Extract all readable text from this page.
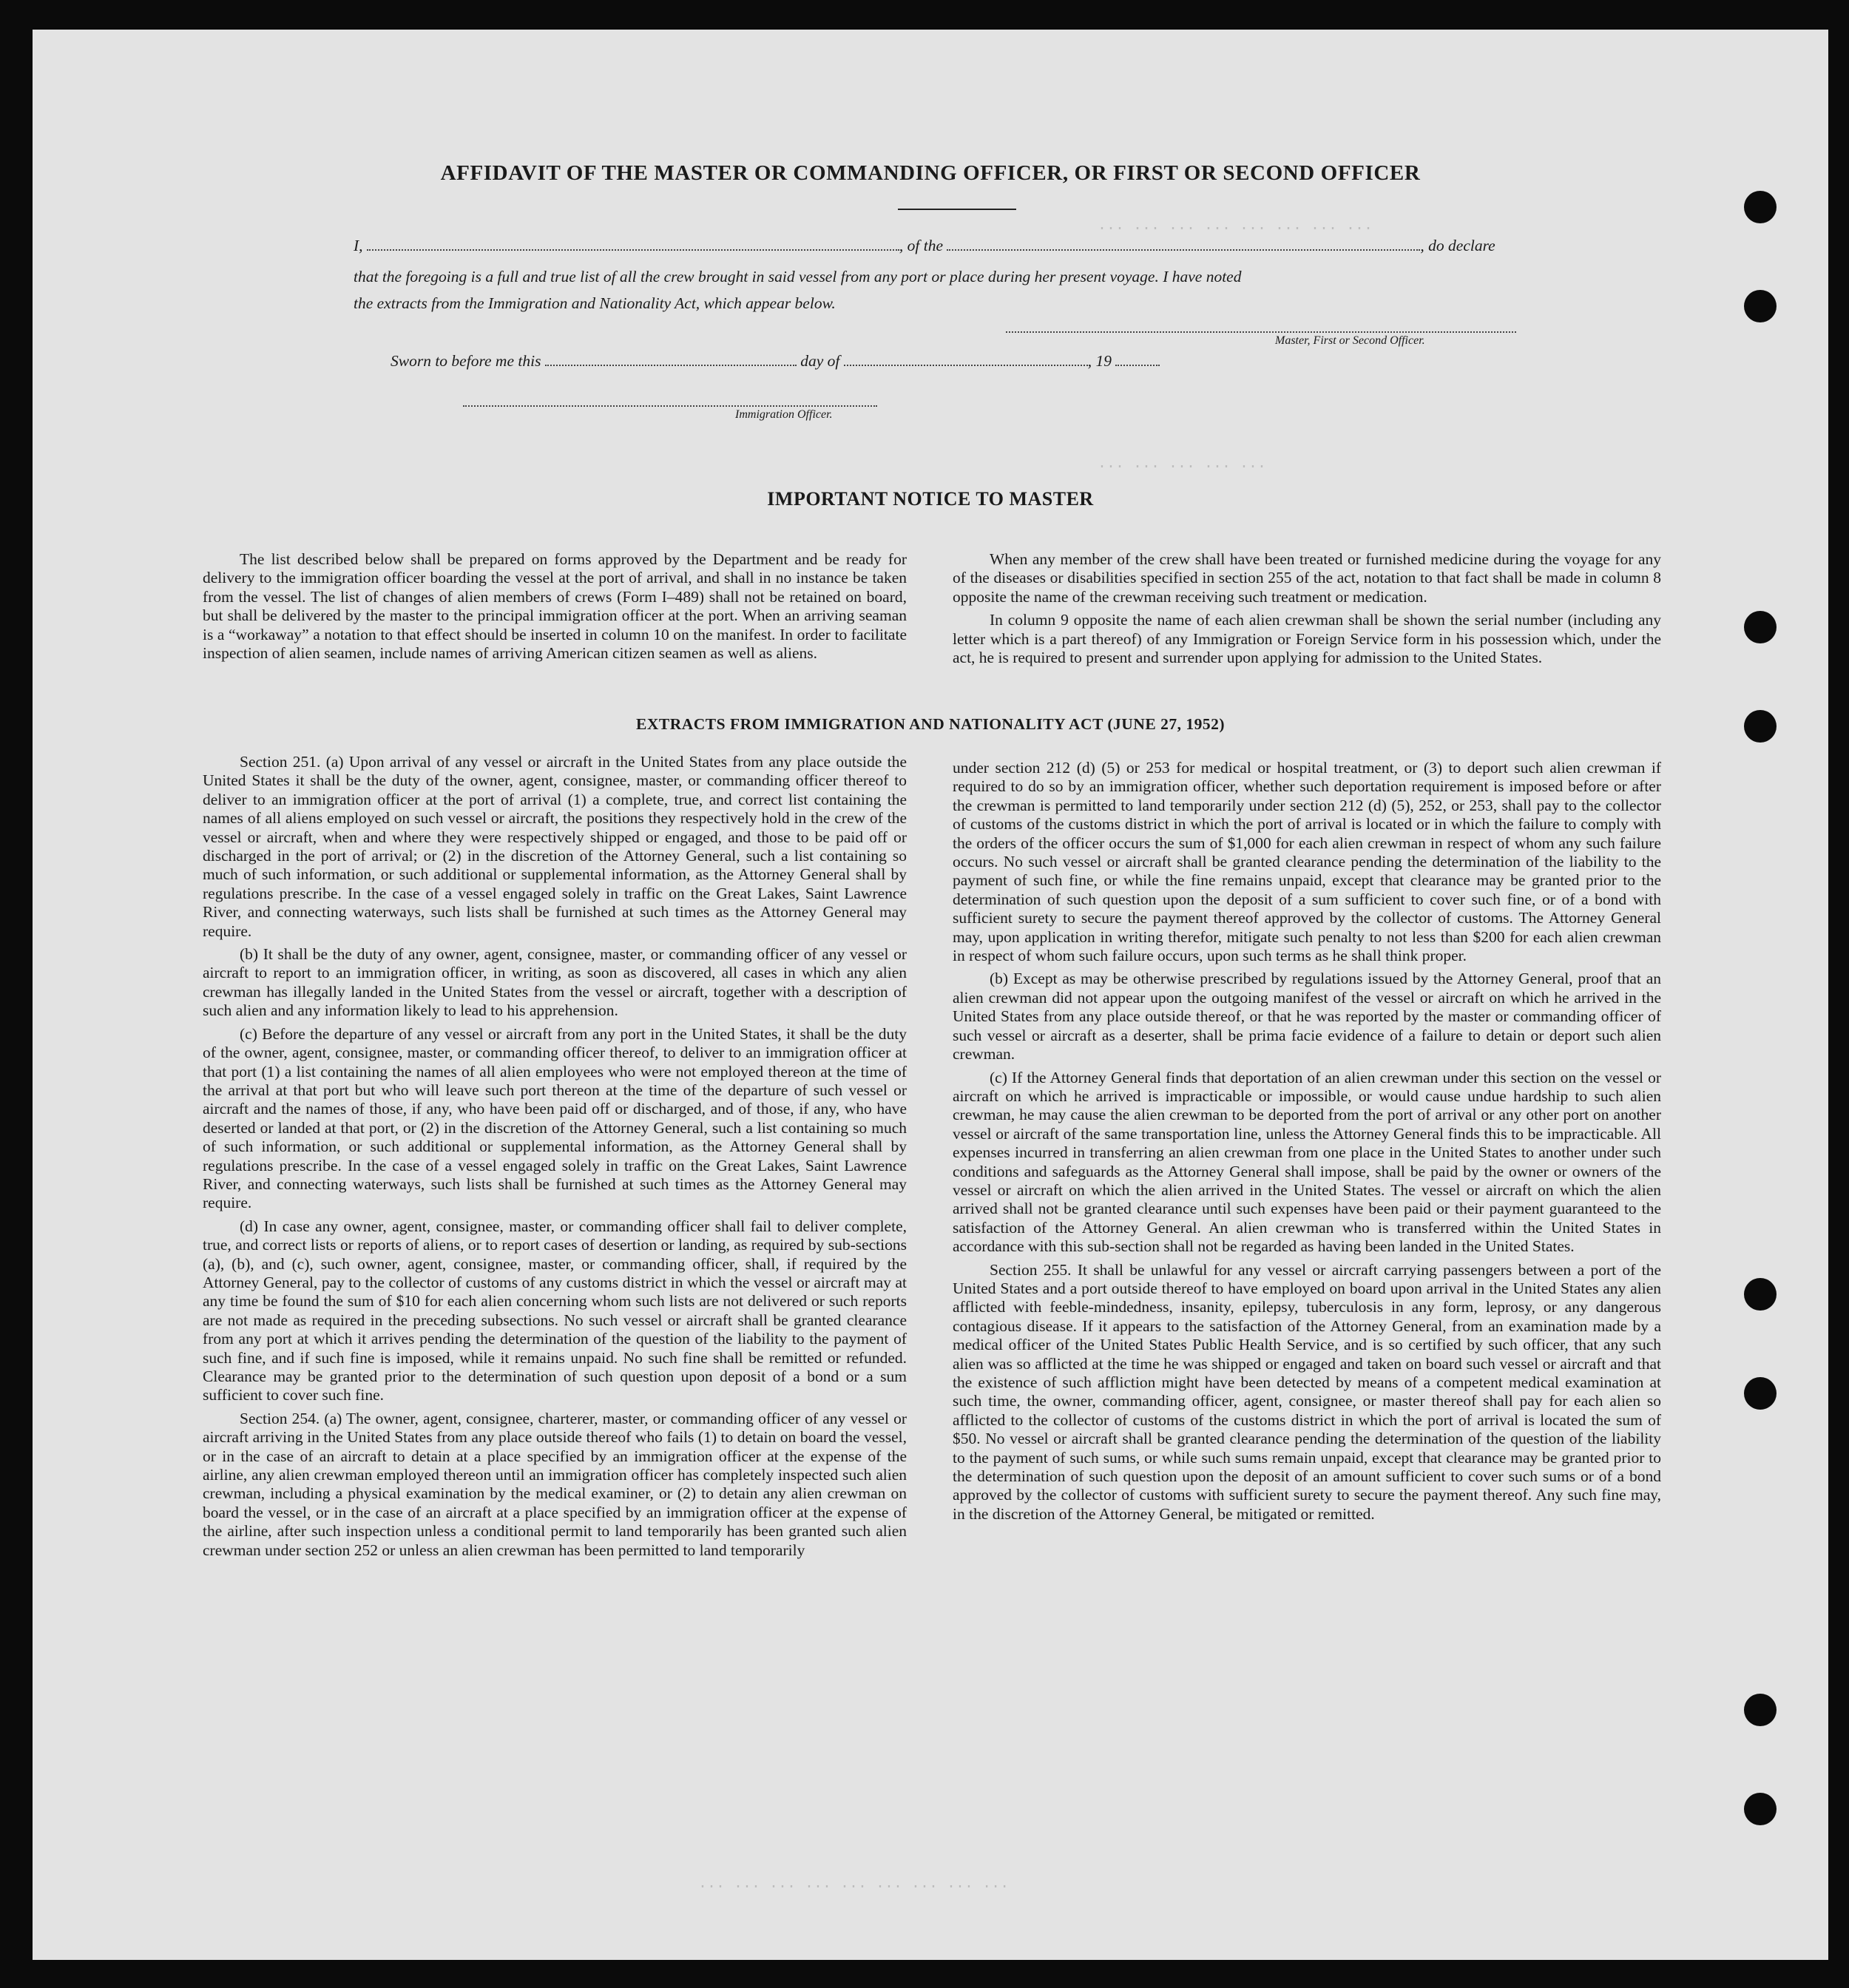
··· ··· ··· ··· ··· ··· ··· ···
··· ··· ··· ··· ···
··· ··· ··· ··· ··· ··· ··· ··· ···
AFFIDAVIT OF THE MASTER OR COMMANDING OFFICER, OR FIRST OR SECOND OFFICER
I,	, of the	, do declare
that the foregoing is a full and true list of all the crew brought in said vessel from any port or place during her present voyage. I have noted
the extracts from the Immigration and Nationality Act, which appear below.
Master, First or Second Officer.
Sworn to before me this	day of	, 19
Immigration Officer.
IMPORTANT NOTICE TO MASTER

The list described below shall be prepared on forms approved by the Department and be ready for delivery to the immigration officer boarding the vessel at the port of arrival, and shall in no instance be taken from the vessel. The list of changes of alien members of crews (Form I–489) shall not be retained on board, but shall be delivered by the master to the principal immigration officer at the port. When an arriving seaman is a “workaway” a notation to that effect should be inserted in column 10 on the manifest. In order to facilitate inspection of alien seamen, include names of arriving American citizen seamen as well as aliens.

When any member of the crew shall have been treated or furnished medicine during the voyage for any of the diseases or disabilities specified in section 255 of the act, notation to that fact shall be made in column 8 opposite the name of the crewman receiving such treatment or medication.

In column 9 opposite the name of each alien crewman shall be shown the serial number (including any letter which is a part thereof) of any Immigration or Foreign Service form in his possession which, under the act, he is required to present and surrender upon applying for admission to the United States.

EXTRACTS FROM IMMIGRATION AND NATIONALITY ACT (JUNE 27, 1952)

Section 251. (a) Upon arrival of any vessel or aircraft in the United States from any place outside the United States it shall be the duty of the owner, agent, consignee, master, or commanding officer thereof to deliver to an immigration officer at the port of arrival (1) a complete, true, and correct list containing the names of all aliens employed on such vessel or aircraft, the positions they respectively hold in the crew of the vessel or aircraft, when and where they were respectively shipped or engaged, and those to be paid off or discharged in the port of arrival; or (2) in the discretion of the Attorney General, such a list containing so much of such information, or such additional or supplemental information, as the Attorney General shall by regulations prescribe. In the case of a vessel engaged solely in traffic on the Great Lakes, Saint Lawrence River, and connecting waterways, such lists shall be furnished at such times as the Attorney General may require.

(b) It shall be the duty of any owner, agent, consignee, master, or commanding officer of any vessel or aircraft to report to an immigration officer, in writing, as soon as discovered, all cases in which any alien crewman has illegally landed in the United States from the vessel or aircraft, together with a description of such alien and any information likely to lead to his apprehension.

(c) Before the departure of any vessel or aircraft from any port in the United States, it shall be the duty of the owner, agent, consignee, master, or commanding officer thereof, to deliver to an immigration officer at that port (1) a list containing the names of all alien employees who were not employed thereon at the time of the arrival at that port but who will leave such port thereon at the time of the departure of such vessel or aircraft and the names of those, if any, who have been paid off or discharged, and of those, if any, who have deserted or landed at that port, or (2) in the discretion of the Attorney General, such a list containing so much of such information, or such additional or supplemental information, as the Attorney General shall by regulations prescribe. In the case of a vessel engaged solely in traffic on the Great Lakes, Saint Lawrence River, and connecting waterways, such lists shall be furnished at such times as the Attorney General may require.

(d) In case any owner, agent, consignee, master, or commanding officer shall fail to deliver complete, true, and correct lists or reports of aliens, or to report cases of desertion or landing, as required by sub-sections (a), (b), and (c), such owner, agent, consignee, master, or commanding officer, shall, if required by the Attorney General, pay to the collector of customs of any customs district in which the vessel or aircraft may at any time be found the sum of $10 for each alien concerning whom such lists are not delivered or such reports are not made as required in the preceding subsections. No such vessel or aircraft shall be granted clearance from any port at which it arrives pending the determination of the question of the liability to the payment of such fine, and if such fine is imposed, while it remains unpaid. No such fine shall be remitted or refunded. Clearance may be granted prior to the determination of such question upon deposit of a bond or a sum sufficient to cover such fine.

Section 254. (a) The owner, agent, consignee, charterer, master, or commanding officer of any vessel or aircraft arriving in the United States from any place outside thereof who fails (1) to detain on board the vessel, or in the case of an aircraft to detain at a place specified by an immigration officer at the expense of the airline, any alien crewman employed thereon until an immigration officer has completely inspected such alien crewman, including a physical examination by the medical examiner, or (2) to detain any alien crewman on board the vessel, or in the case of an aircraft at a place specified by an immigration officer at the expense of the airline, after such inspection unless a conditional permit to land temporarily has been granted such alien crewman under section 252 or unless an alien crewman has been permitted to land temporarily

under section 212 (d) (5) or 253 for medical or hospital treatment, or (3) to deport such alien crewman if required to do so by an immigration officer, whether such deportation requirement is imposed before or after the crewman is permitted to land temporarily under section 212 (d) (5), 252, or 253, shall pay to the collector of customs of the customs district in which the port of arrival is located or in which the failure to comply with the orders of the officer occurs the sum of $1,000 for each alien crewman in respect of whom any such failure occurs. No such vessel or aircraft shall be granted clearance pending the determination of the liability to the payment of such fine, or while the fine remains unpaid, except that clearance may be granted prior to the determination of such question upon the deposit of a sum sufficient to cover such fine, or of a bond with sufficient surety to secure the payment thereof approved by the collector of customs. The Attorney General may, upon application in writing therefor, mitigate such penalty to not less than $200 for each alien crewman in respect of whom such failure occurs, upon such terms as he shall think proper.

(b) Except as may be otherwise prescribed by regulations issued by the Attorney General, proof that an alien crewman did not appear upon the outgoing manifest of the vessel or aircraft on which he arrived in the United States from any place outside thereof, or that he was reported by the master or commanding officer of such vessel or aircraft as a deserter, shall be prima facie evidence of a failure to detain or deport such alien crewman.

(c) If the Attorney General finds that deportation of an alien crewman under this section on the vessel or aircraft on which he arrived is impracticable or impossible, or would cause undue hardship to such alien crewman, he may cause the alien crewman to be deported from the port of arrival or any other port on another vessel or aircraft of the same transportation line, unless the Attorney General finds this to be impracticable. All expenses incurred in transferring an alien crewman from one place in the United States to another under such conditions and safeguards as the Attorney General shall impose, shall be paid by the owner or owners of the vessel or aircraft on which the alien arrived in the United States. The vessel or aircraft on which the alien arrived shall not be granted clearance until such expenses have been paid or their payment guaranteed to the satisfaction of the Attorney General. An alien crewman who is transferred within the United States in accordance with this sub-section shall not be regarded as having been landed in the United States.

Section 255. It shall be unlawful for any vessel or aircraft carrying passengers between a port of the United States and a port outside thereof to have employed on board upon arrival in the United States any alien afflicted with feeble-mindedness, insanity, epilepsy, tuberculosis in any form, leprosy, or any dangerous contagious disease. If it appears to the satisfaction of the Attorney General, from an examination made by a medical officer of the United States Public Health Service, and is so certified by such officer, that any such alien was so afflicted at the time he was shipped or engaged and taken on board such vessel or aircraft and that the existence of such affliction might have been detected by means of a competent medical examination at such time, the owner, commanding officer, agent, consignee, or master thereof shall pay for each alien so afflicted to the collector of customs of the customs district in which the port of arrival is located the sum of $50. No vessel or aircraft shall be granted clearance pending the determination of the question of the liability to the payment of such sums, or while such sums remain unpaid, except that clearance may be granted prior to the determination of such question upon the deposit of an amount sufficient to cover such sums or of a bond approved by the collector of customs with sufficient surety to secure the payment thereof. Any such fine may, in the discretion of the Attorney General, be mitigated or remitted.
